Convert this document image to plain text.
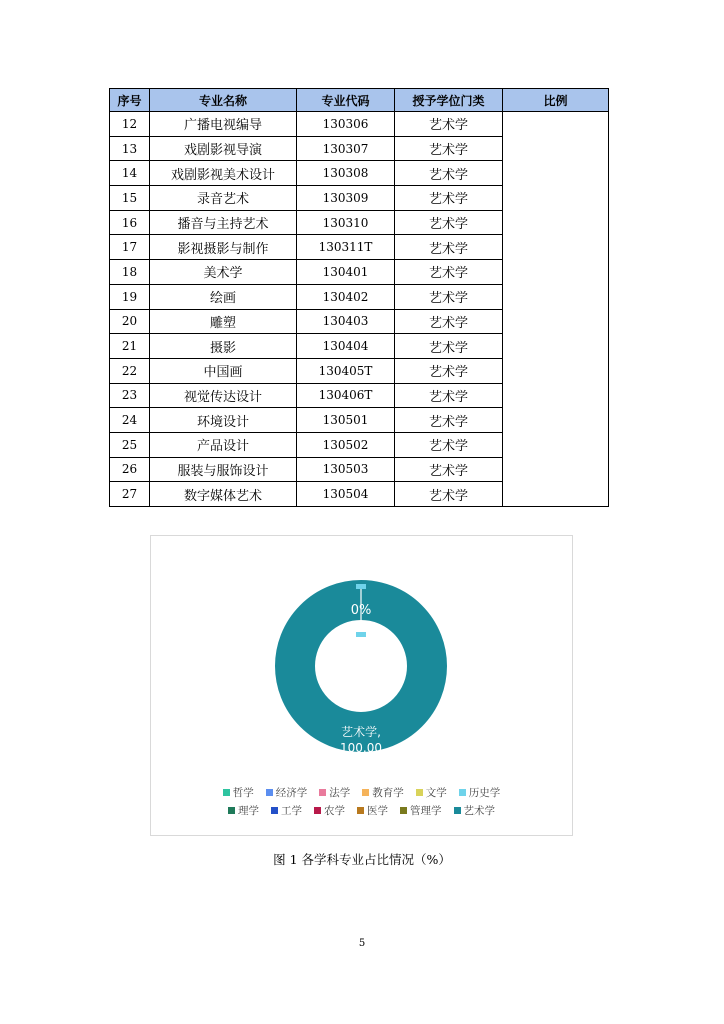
序号	专业名称	专业代码	授予学位门类	比例
12	广播电视编导	130306	艺术学	
13	戏剧影视导演	130307	艺术学	
14	戏剧影视美术设计	130308	艺术学	
15	录音艺术	130309	艺术学	
16	播音与主持艺术	130310	艺术学	
17	影视摄影与制作	130311T	艺术学	
18	美术学	130401	艺术学	
19	绘画	130402	艺术学	
20	雕塑	130403	艺术学	
21	摄影	130404	艺术学	
22	中国画	130405T	艺术学	
23	视觉传达设计	130406T	艺术学	
24	环境设计	130501	艺术学	
25	产品设计	130502	艺术学	
26	服装与服饰设计	130503	艺术学	
27	数字媒体艺术	130504	艺术学	
0%
艺术学,
100.00
哲学 经济学 法学 教育学 文学 历史学
理学 工学 农学 医学 管理学 艺术学
图 1 各学科专业占比情况（%）
5
